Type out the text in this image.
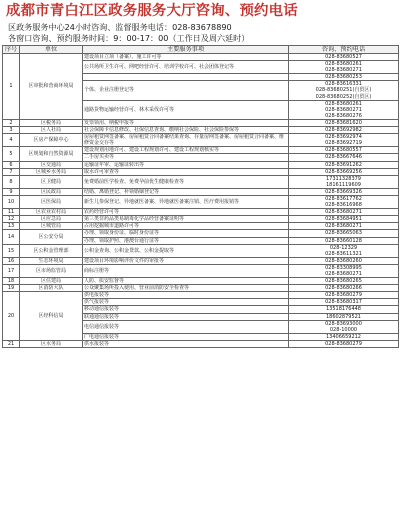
成都市青白江区政务服务大厅咨询、预约电话
区政务服务中心24小时咨询、监督服务电话：028-83678890
各窗口咨询、预约服务时间：9：00-17：00（工作日及周六延时）
序号	单位	主要服务事项	咨询、预约电话
1	区审批和营商环境局	建设项目立项（备案）、施工许可等	028-83680527
		公共场所卫生许可、网吧经营许可、培训学校许可、社会团体登记等	028-83680261
028-83680271
			028-83680253
		个体、企业注册登记等	028-83616331
028-83680251(自贸区)
028-83680252(自贸区)
		通路货物运输经营许可、林木采伐许可等	028-83680261
028-83680271
028-83680276
2	区税务局	发票领用、纳税申报等	028-83681620
3	区人社局	社会保障卡信息修改、社保信息查询、缴纳社会保险、社会保险参保等	028-83692982
4	区房产保障中心	房屋租赁网签备案、房屋租赁合同备案结果查询、存量房网签备案、房屋租赁合同备案、维修资金交存等	028-83692974
028-83692719
5	区规划和自然资源局	建设规划用地许可、建设工程规划许可、建设工程规划核实等	028-83680557
		二手房买卖等	028-83667646
6	区交通局	运输证年审、运输证转出等	028-83691262
7	区城乡水务局	取水许可审查等	028-83669256
8	区卫健局	免费婚前医学检查、免费孕前优生健康检查等	17311328379
18161119609
9	区民政局	结婚、离婚登记、补领婚姻登记等	028-83669326
10	区医保局	新生儿参保登记、异地就医备案、异地就医备案注销、医疗费用报销等	028-83617762
028-83616968
11	区农业农村局	农药经营许可等	028-83680271
12	区应急局	第三类非药品类易制毒化学品经营备案证明等	028-83684951
13	区城管局	占用挖掘城市道路许可等	028-83680271
14	区公安分局	办理、领取身份证、临时身份证等	028-83665063
		办理、领取护照、港澳台通行证等	028-83660128
15	区公积金管理部	公积金查询、公积金贷款、公积金提取等	028-12329
028-83611321
16	生态环境局	建设项目环境影响评价文件的审批等	028-83680260
17	区市场监管局	商标注册等	028-83308995
028-83680271
18	区住建局	人防、质安监督等	028-83680265
19	区消防大队	公众聚集场所投入使用、营业前消防安全检查等	028-83680266
20	区经科信局	供电报装等	028-83680279
		供气报装等	028-83680317
		移动通信报装等	13518176448
		联通通信报装等	18602879521
		电信通信报装等	028-83693000
028-10000
		广电通信报装等	13406659212
21	区水务局	供水报装等	028-83680279
